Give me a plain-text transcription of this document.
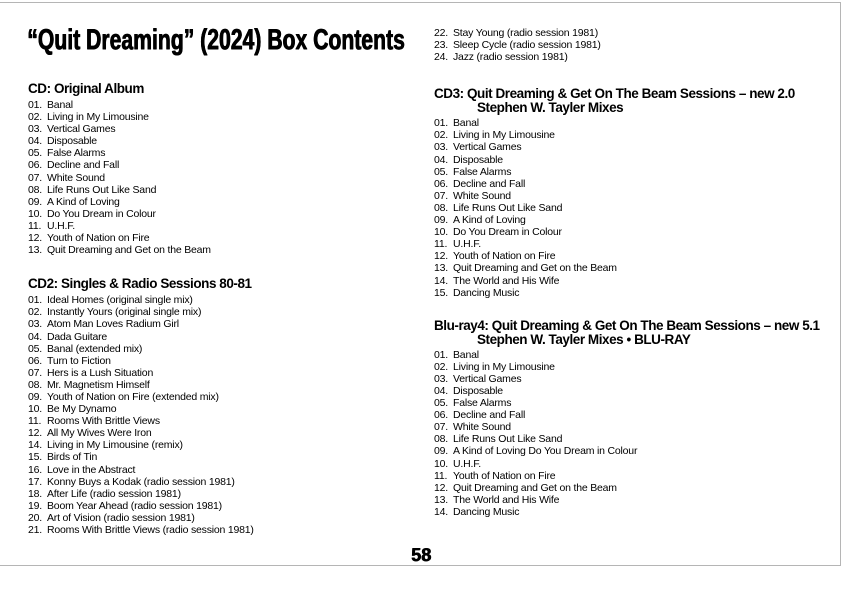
“Quit Dreaming” (2024) Box Contents
CD: Original Album
01. Banal
02. Living in My Limousine
03. Vertical Games
04. Disposable
05. False Alarms
06. Decline and Fall
07. White Sound
08. Life Runs Out Like Sand
09. A Kind of Loving
10. Do You Dream in Colour
11. U.H.F.
12. Youth of Nation on Fire
13. Quit Dreaming and Get on the Beam
CD2: Singles & Radio Sessions 80-81
01. Ideal Homes (original single mix)
02. Instantly Yours (original single mix)
03. Atom Man Loves Radium Girl
04. Dada Guitare
05. Banal (extended mix)
06. Turn to Fiction
07. Hers is a Lush Situation
08. Mr. Magnetism Himself
09. Youth of Nation on Fire (extended mix)
10. Be My Dynamo
11. Rooms With Brittle Views
12. All My Wives Were Iron
14. Living in My Limousine (remix)
15. Birds of Tin
16. Love in the Abstract
17. Konny Buys a Kodak (radio session 1981)
18. After Life (radio session 1981)
19. Boom Year Ahead (radio session 1981)
20. Art of Vision (radio session 1981)
21. Rooms With Brittle Views (radio session 1981)
22. Stay Young (radio session 1981)
23. Sleep Cycle (radio session 1981)
24. Jazz (radio session 1981)
CD3: Quit Dreaming & Get On The Beam Sessions – new 2.0
Stephen W. Tayler Mixes
01. Banal
02. Living in My Limousine
03. Vertical Games
04. Disposable
05. False Alarms
06. Decline and Fall
07. White Sound
08. Life Runs Out Like Sand
09. A Kind of Loving
10. Do You Dream in Colour
11. U.H.F.
12. Youth of Nation on Fire
13. Quit Dreaming and Get on the Beam
14. The World and His Wife
15. Dancing Music
Blu-ray4: Quit Dreaming & Get On The Beam Sessions – new 5.1
Stephen W. Tayler Mixes • BLU-RAY
01. Banal
02. Living in My Limousine
03. Vertical Games
04. Disposable
05. False Alarms
06. Decline and Fall
07. White Sound
08. Life Runs Out Like Sand
09. A Kind of Loving Do You Dream in Colour
10. U.H.F.
11. Youth of Nation on Fire
12. Quit Dreaming and Get on the Beam
13. The World and His Wife
14. Dancing Music
58
